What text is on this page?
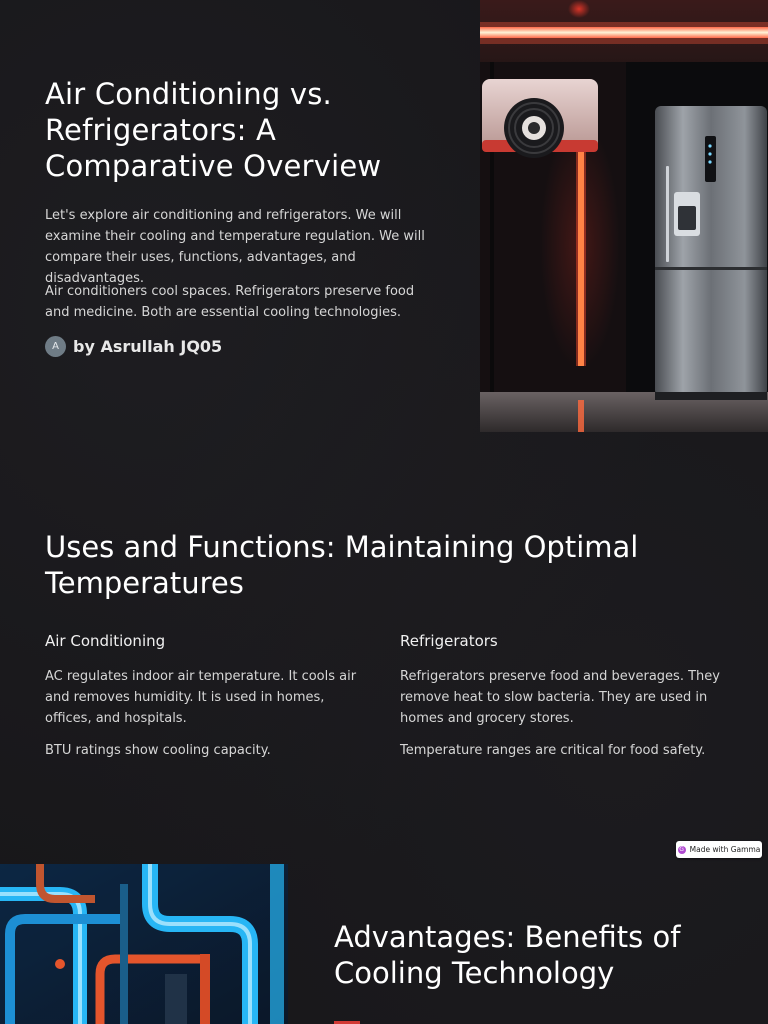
Air Conditioning vs. Refrigerators: A Comparative Overview

Let's explore air conditioning and refrigerators. We will examine their cooling and temperature regulation. We will compare their uses, functions, advantages, and disadvantages.

Air conditioners cool spaces. Refrigerators preserve food and medicine. Both are essential cooling technologies.

A by Asrullah JQ05
Uses and Functions: Maintaining Optimal Temperatures
Air Conditioning

AC regulates indoor air temperature. It cools air and removes humidity. It is used in homes, offices, and hospitals.

BTU ratings show cooling capacity.

Refrigerators

Refrigerators preserve food and beverages. They remove heat to slow bacteria. They are used in homes and grocery stores.

Temperature ranges are critical for food safety.

G Made with Gamma
Advantages: Benefits of Cooling Technology
